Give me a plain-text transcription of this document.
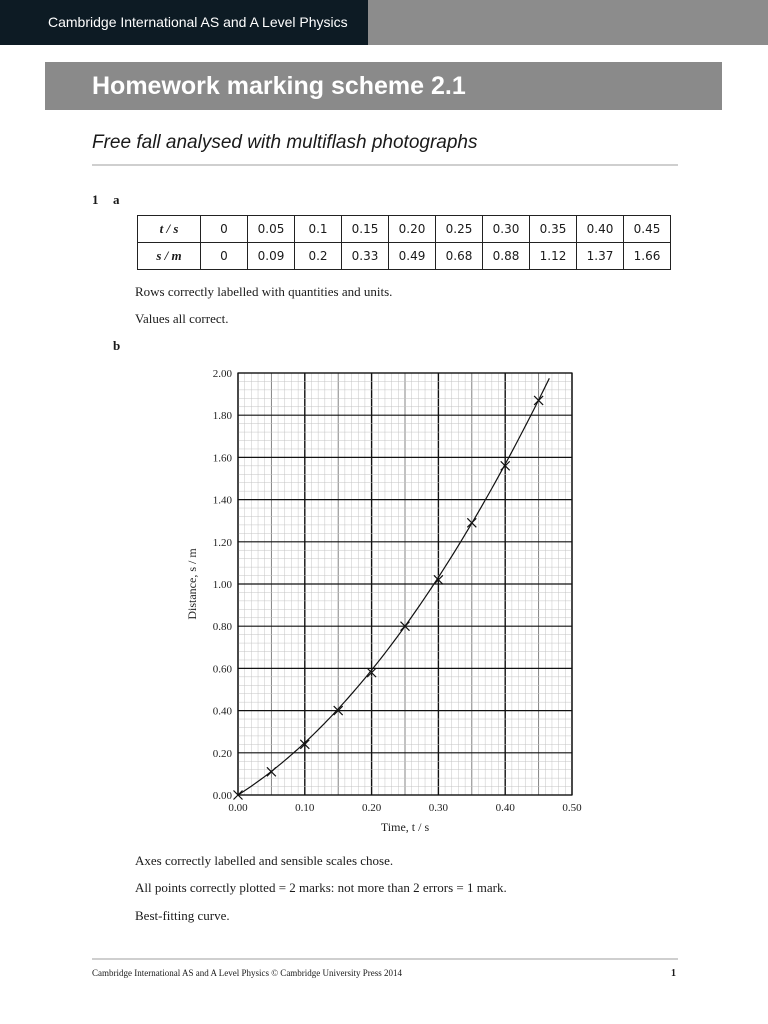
Cambridge International AS and A Level Physics
Homework marking scheme 2.1
Free fall analysed with multiflash photographs
1 a
t / s	0	0.05	0.1	0.15	0.20	0.25	0.30	0.35	0.40	0.45
s / m	0	0.09	0.2	0.33	0.49	0.68	0.88	1.12	1.37	1.66
Rows correctly labelled with quantities and units.
Values all correct.
b
0.00	0.10	0.20	0.30	0.40	0.50
0.00
0.20
0.40
0.60
0.80
1.00
1.20
1.40
1.60
1.80
2.00
Time, t / s
Distance, s / m
Axes correctly labelled and sensible scales chose.
All points correctly plotted = 2 marks: not more than 2 errors = 1 mark.
Best-fitting curve.
Cambridge International AS and A Level Physics © Cambridge University Press 2014	1
